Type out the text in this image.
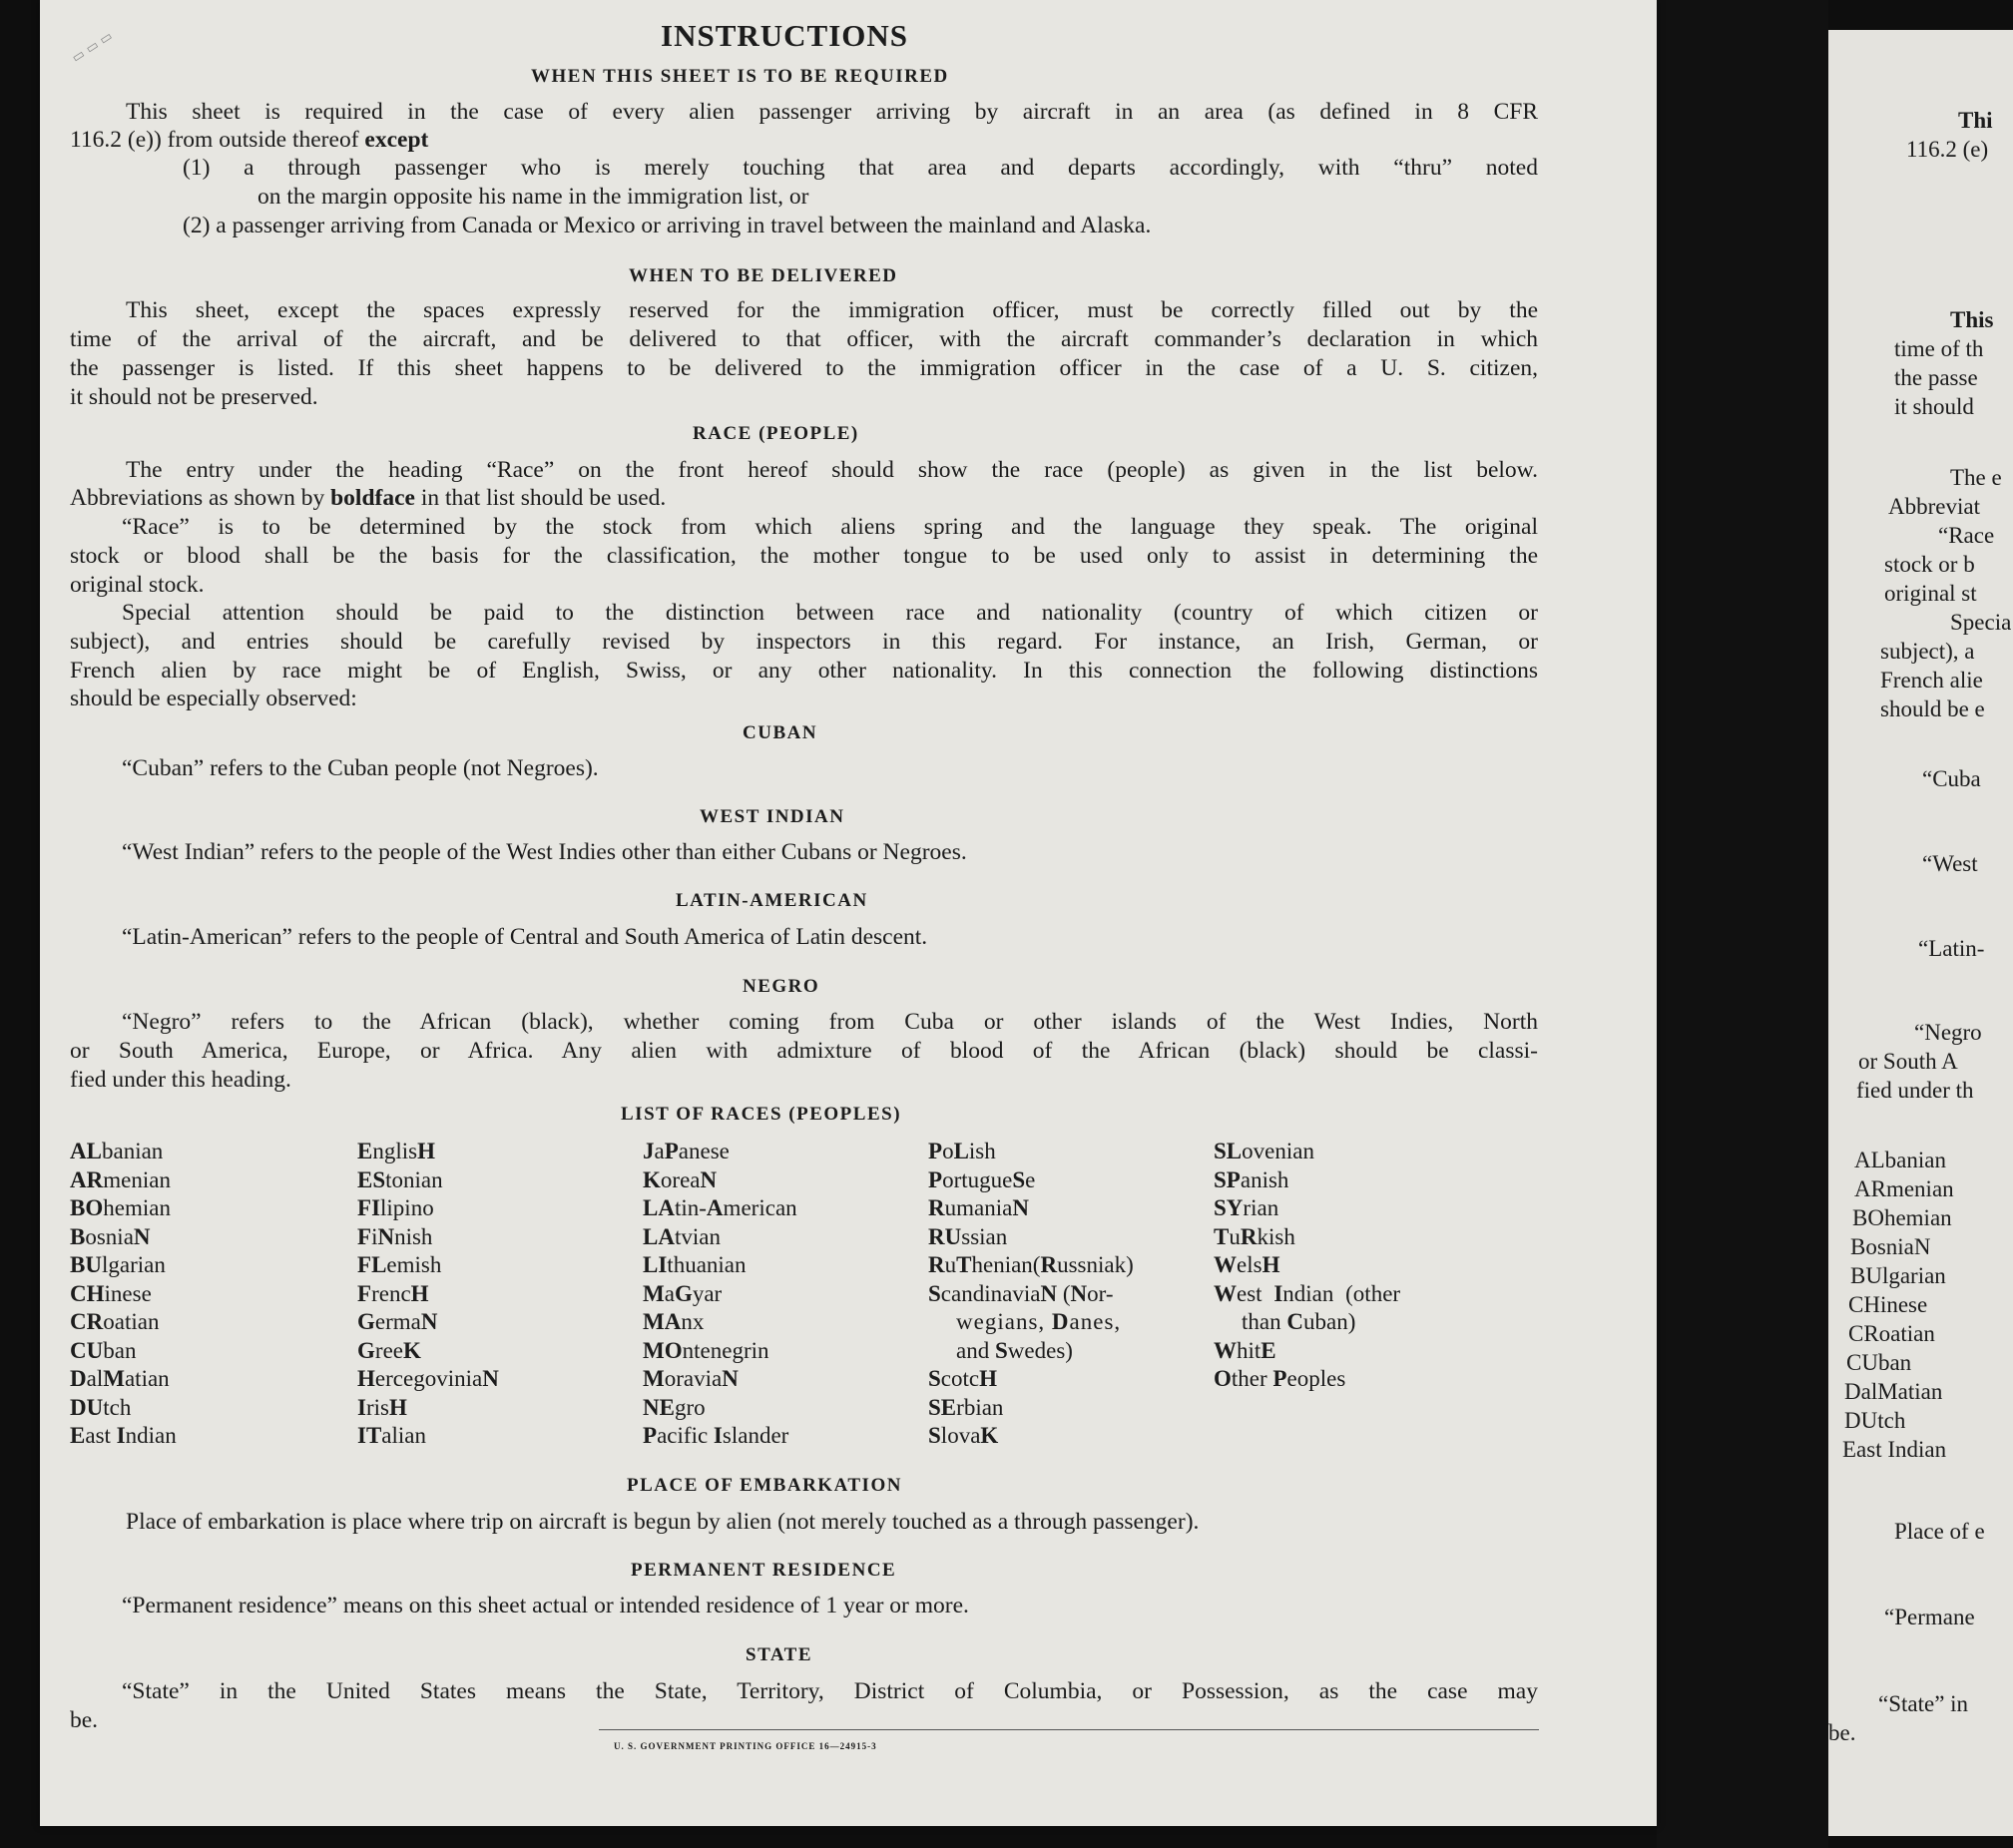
▭ ▭ ▭	INSTRUCTIONS
WHEN THIS SHEET IS TO BE REQUIRED
This sheet is required in the case of every alien passenger arriving by aircraft in an area (as defined in 8 CFR
116.2 (e)) from outside thereof except
(1) a through passenger who is merely touching that area and departs accordingly, with “thru” noted
on the margin opposite his name in the immigration list, or
(2) a passenger arriving from Canada or Mexico or arriving in travel between the mainland and Alaska.
WHEN TO BE DELIVERED
This sheet, except the spaces expressly reserved for the immigration officer, must be correctly filled out by the
time of the arrival of the aircraft, and be delivered to that officer, with the aircraft commander’s declaration in which
the passenger is listed. If this sheet happens to be delivered to the immigration officer in the case of a U. S. citizen,
it should not be preserved.
RACE (PEOPLE)
The entry under the heading “Race” on the front hereof should show the race (people) as given in the list below.
Abbreviations as shown by boldface in that list should be used.
“Race” is to be determined by the stock from which aliens spring and the language they speak. The original
stock or blood shall be the basis for the classification, the mother tongue to be used only to assist in determining the
original stock.
Special attention should be paid to the distinction between race and nationality (country of which citizen or
subject), and entries should be carefully revised by inspectors in this regard. For instance, an Irish, German, or
French alien by race might be of English, Swiss, or any other nationality. In this connection the following distinctions
should be especially observed:
CUBAN
“Cuban” refers to the Cuban people (not Negroes).
WEST INDIAN
“West Indian” refers to the people of the West Indies other than either Cubans or Negroes.
LATIN-AMERICAN
“Latin-American” refers to the people of Central and South America of Latin descent.
NEGRO
“Negro” refers to the African (black), whether coming from Cuba or other islands of the West Indies, North
or South America, Europe, or Africa. Any alien with admixture of blood of the African (black) should be classi-
fied under this heading.
LIST OF RACES (PEOPLES)
ALbanian
ARmenian
BOhemian
BosniaN
BUlgarian
CHinese
CRoatian
CUban
DalMatian
DUtch
East Indian
EnglisH
EStonian
FIlipino
FiNnish
FLemish
FrencH
GermaN
GreeK
HercegoviniaN
IrisH
ITalian
JaPanese
KoreaN
LAtin-American
LAtvian
LIthuanian
MaGyar
MAnx
MOntenegrin
MoraviaN
NEgro
Pacific Islander
PoLish
PortugueSe
RumaniaN
RUssian
RuThenian(Russniak)
ScandinaviaN (Nor-
wegians, Danes,
and Swedes)
ScotcH
SErbian
SlovaK
SLovenian
SPanish
SYrian
TuRkish
WelsH
West Indian (other
than Cuban)
WhitE
Other Peoples
PLACE OF EMBARKATION
Place of embarkation is place where trip on aircraft is begun by alien (not merely touched as a through passenger).
PERMANENT RESIDENCE
“Permanent residence” means on this sheet actual or intended residence of 1 year or more.
STATE
“State” in the United States means the State, Territory, District of Columbia, or Possession, as the case may
be.
U. S. GOVERNMENT PRINTING OFFICE 16—24915-3
Thi
116.2 (e)
This
time of th
the passe
it should
The e
Abbreviat
“Race
stock or b
original st
Specia
subject), a
French alie
should be e
“Cuba
“West
“Latin-
“Negro
or South A
fied under th
ALbanian
ARmenian
BOhemian
BosniaN
BUlgarian
CHinese
CRoatian
CUban
DalMatian
DUtch
East Indian
Place of e
“Permane
“State” in
be.
